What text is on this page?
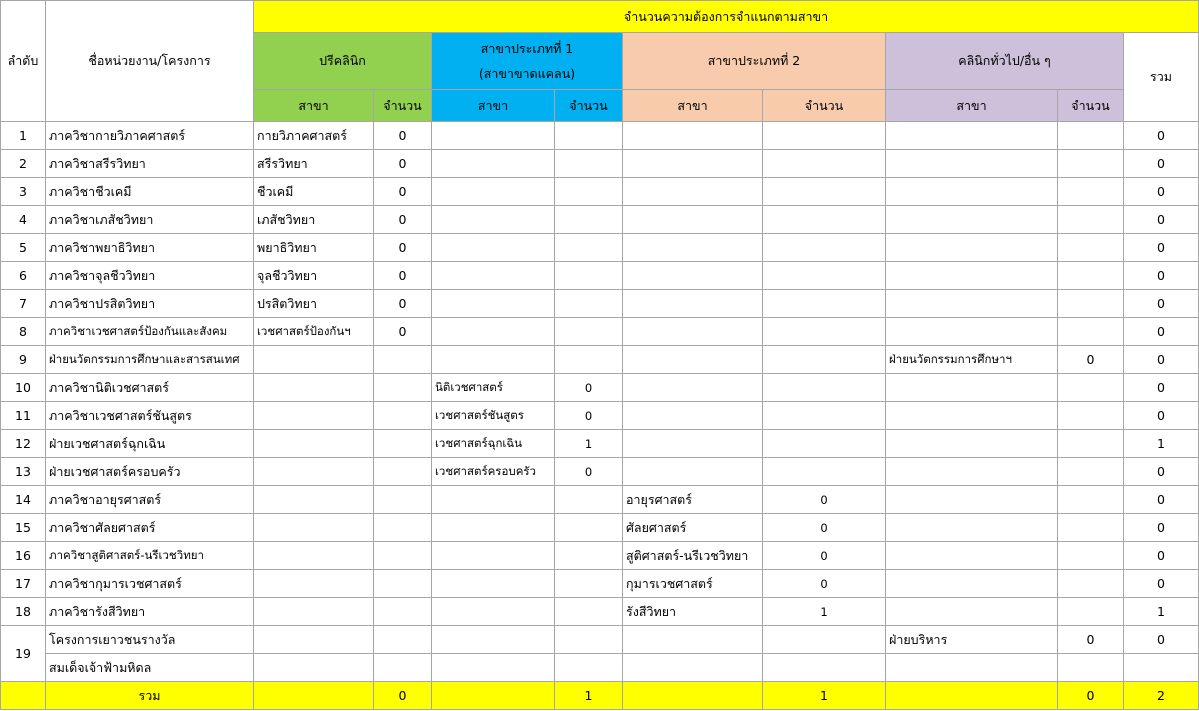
ลำดับ	ชื่อหน่วยงาน/โครงการ	จำนวนความต้องการจำแนกตามสาขา								
		ปรีคลินิก		สาขาประเภทที่ 1
(สาขาขาดแคลน)		สาขาประเภทที่ 2		คลินิกทั่วไป/อื่น ๆ		รวม
		สาขา	จำนวน	สาขา	จำนวน	สาขา	จำนวน	สาขา	จำนวน	
1	ภาควิชากายวิภาคศาสตร์	กายวิภาคศาสตร์	0							0
2	ภาควิชาสรีรวิทยา	สรีรวิทยา	0							0
3	ภาควิชาชีวเคมี	ชีวเคมี	0							0
4	ภาควิชาเภสัชวิทยา	เภสัชวิทยา	0							0
5	ภาควิชาพยาธิวิทยา	พยาธิวิทยา	0							0
6	ภาควิชาจุลชีววิทยา	จุลชีววิทยา	0							0
7	ภาควิชาปรสิตวิทยา	ปรสิตวิทยา	0							0
8	ภาควิชาเวชศาสตร์ป้องกันและสังคม	เวชศาสตร์ป้องกันฯ	0							0
9	ฝ่ายนวัตกรรมการศึกษาและสารสนเทศ							ฝ่ายนวัตกรรมการศึกษาฯ	0	0
10	ภาควิชานิติเวชศาสตร์			นิติเวชศาสตร์	0					0
11	ภาควิชาเวชศาสตร์ชันสูตร			เวชศาสตร์ชันสูตร	0					0
12	ฝ่ายเวชศาสตร์ฉุกเฉิน			เวชศาสตร์ฉุกเฉิน	1					1
13	ฝ่ายเวชศาสตร์ครอบครัว			เวชศาสตร์ครอบครัว	0					0
14	ภาควิชาอายุรศาสตร์					อายุรศาสตร์	0			0
15	ภาควิชาศัลยศาสตร์					ศัลยศาสตร์	0			0
16	ภาควิชาสูติศาสตร์-นรีเวชวิทยา					สูติศาสตร์-นรีเวชวิทยา	0			0
17	ภาควิชากุมารเวชศาสตร์					กุมารเวชศาสตร์	0			0
18	ภาควิชารังสีวิทยา					รังสีวิทยา	1			1
19	โครงการเยาวชนรางวัล							ฝ่ายบริหาร	0	0
	สมเด็จเจ้าฟ้ามหิดล									
	รวม		0		1		1		0	2
